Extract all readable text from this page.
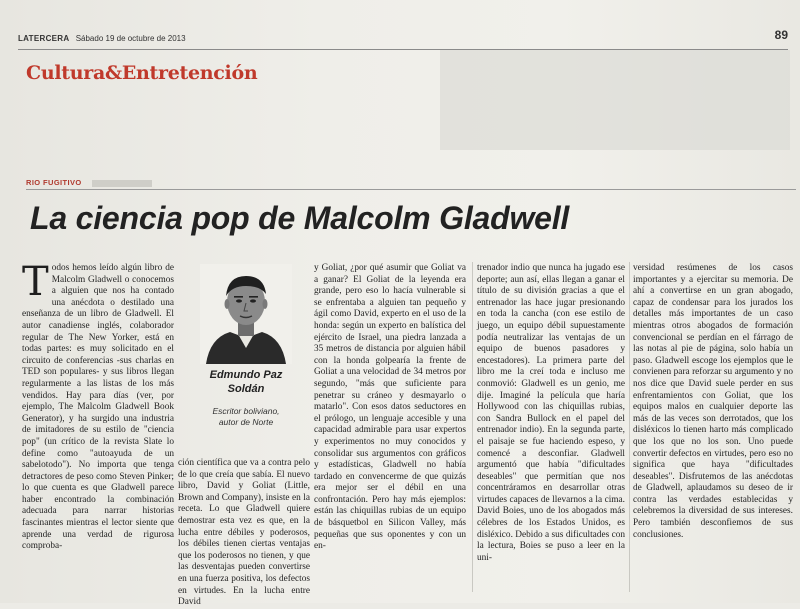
LATERCERA Sábado 19 de octubre de 2013	89
Cultura&Entretención
RIO FUGITIVO
La ciencia pop de Malcolm Gladwell
Todos hemos leído algún libro de Malcolm Gladwell o conocemos a alguien que nos ha contado una anécdota o destilado una enseñanza de un libro de Gladwell. El autor canadiense inglés, colaborador regular de The New Yorker, está en todas partes: es muy solicitado en el circuito de conferencias -sus charlas en TED son populares- y sus libros llegan regularmente a las listas de los más vendidos. Hay para días (ver, por ejemplo, The Malcolm Gladwell Book Generator), y ha surgido una industria de imitadores de su estilo de "ciencia pop" (un crítico de la revista Slate lo define como "autoayuda de un sabelotodo"). No importa que tenga detractores de peso como Steven Pinker; lo que cuenta es que Gladwell parece haber encontrado la combinación adecuada para narrar historias fascinantes mientras el lector siente que aprende una verdad de rigurosa comproba-
Edmundo Paz
Soldán
Escritor boliviano,
autor de Norte
ción científica que va a contra pelo de lo que creía que sabía. El nuevo libro, David y Goliat (Little, Brown and Company), insiste en la receta. Lo que Gladwell quiere demostrar esta vez es que, en la lucha entre débiles y poderosos, los débiles tienen ciertas ventajas que los poderosos no tienen, y que las desventajas pueden convertirse en una fuerza positiva, los defectos en virtudes. En la lucha entre David
y Goliat, ¿por qué asumir que Goliat va a ganar? El Goliat de la leyenda era grande, pero eso lo hacía vulnerable si se enfrentaba a alguien tan pequeño y ágil como David, experto en el uso de la honda: según un experto en balística del ejército de Israel, una piedra lanzada a 35 metros de distancia por alguien hábil con la honda golpearía la frente de Goliat a una velocidad de 34 metros por segundo, "más que suficiente para penetrar su cráneo y desmayarlo o matarlo". Con esos datos seductores en el prólogo, un lenguaje accesible y una capacidad admirable para usar expertos y experimentos no muy conocidos y consolidar sus argumentos con gráficos y estadísticas, Gladwell no había tardado en convencerme de que quizás era mejor ser el débil en una confrontación. Pero hay más ejemplos: están las chiquillas rubias de un equipo de básquetbol en Silicon Valley, más pequeñas que sus oponentes y con un en-
trenador indio que nunca ha jugado ese deporte; aun así, ellas llegan a ganar el título de su división gracias a que el entrenador las hace jugar presionando en toda la cancha (con ese estilo de juego, un equipo débil supuestamente podía neutralizar las ventajas de un equipo de buenos pasadores y encestadores). La primera parte del libro me la creí toda e incluso me conmovió: Gladwell es un genio, me dije. Imaginé la película que haría Hollywood con las chiquillas rubias, con Sandra Bullock en el papel del entrenador indio). En la segunda parte, el paisaje se fue haciendo espeso, y comencé a desconfiar. Gladwell argumentó que había "dificultades deseables" que permitían que nos concentráramos en desarrollar otras virtudes capaces de llevarnos a la cima. David Boies, uno de los abogados más célebres de los Estados Unidos, es disléxico. Debido a sus dificultades con la lectura, Boies se puso a leer en la uni-
versidad resúmenes de los casos importantes y a ejercitar su memoria. De ahí a convertirse en un gran abogado, capaz de condensar para los jurados los detalles más importantes de un caso mientras otros abogados de formación convencional se perdían en el fárrago de las notas al pie de página, solo había un paso. Gladwell escoge los ejemplos que le convienen para reforzar su argumento y no nos dice que David suele perder en sus enfrentamientos con Goliat, que los equipos malos en cualquier deporte las más de las veces son derrotados, que los disléxicos lo tienen harto más complicado que los que no los son. Uno puede convertir defectos en virtudes, pero eso no significa que haya "dificultades deseables". Disfrutemos de las anécdotas de Gladwell, aplaudamos su deseo de ir contra las verdades establecidas y celebremos la diversidad de sus intereses. Pero también desconfiemos de sus conclusiones.
